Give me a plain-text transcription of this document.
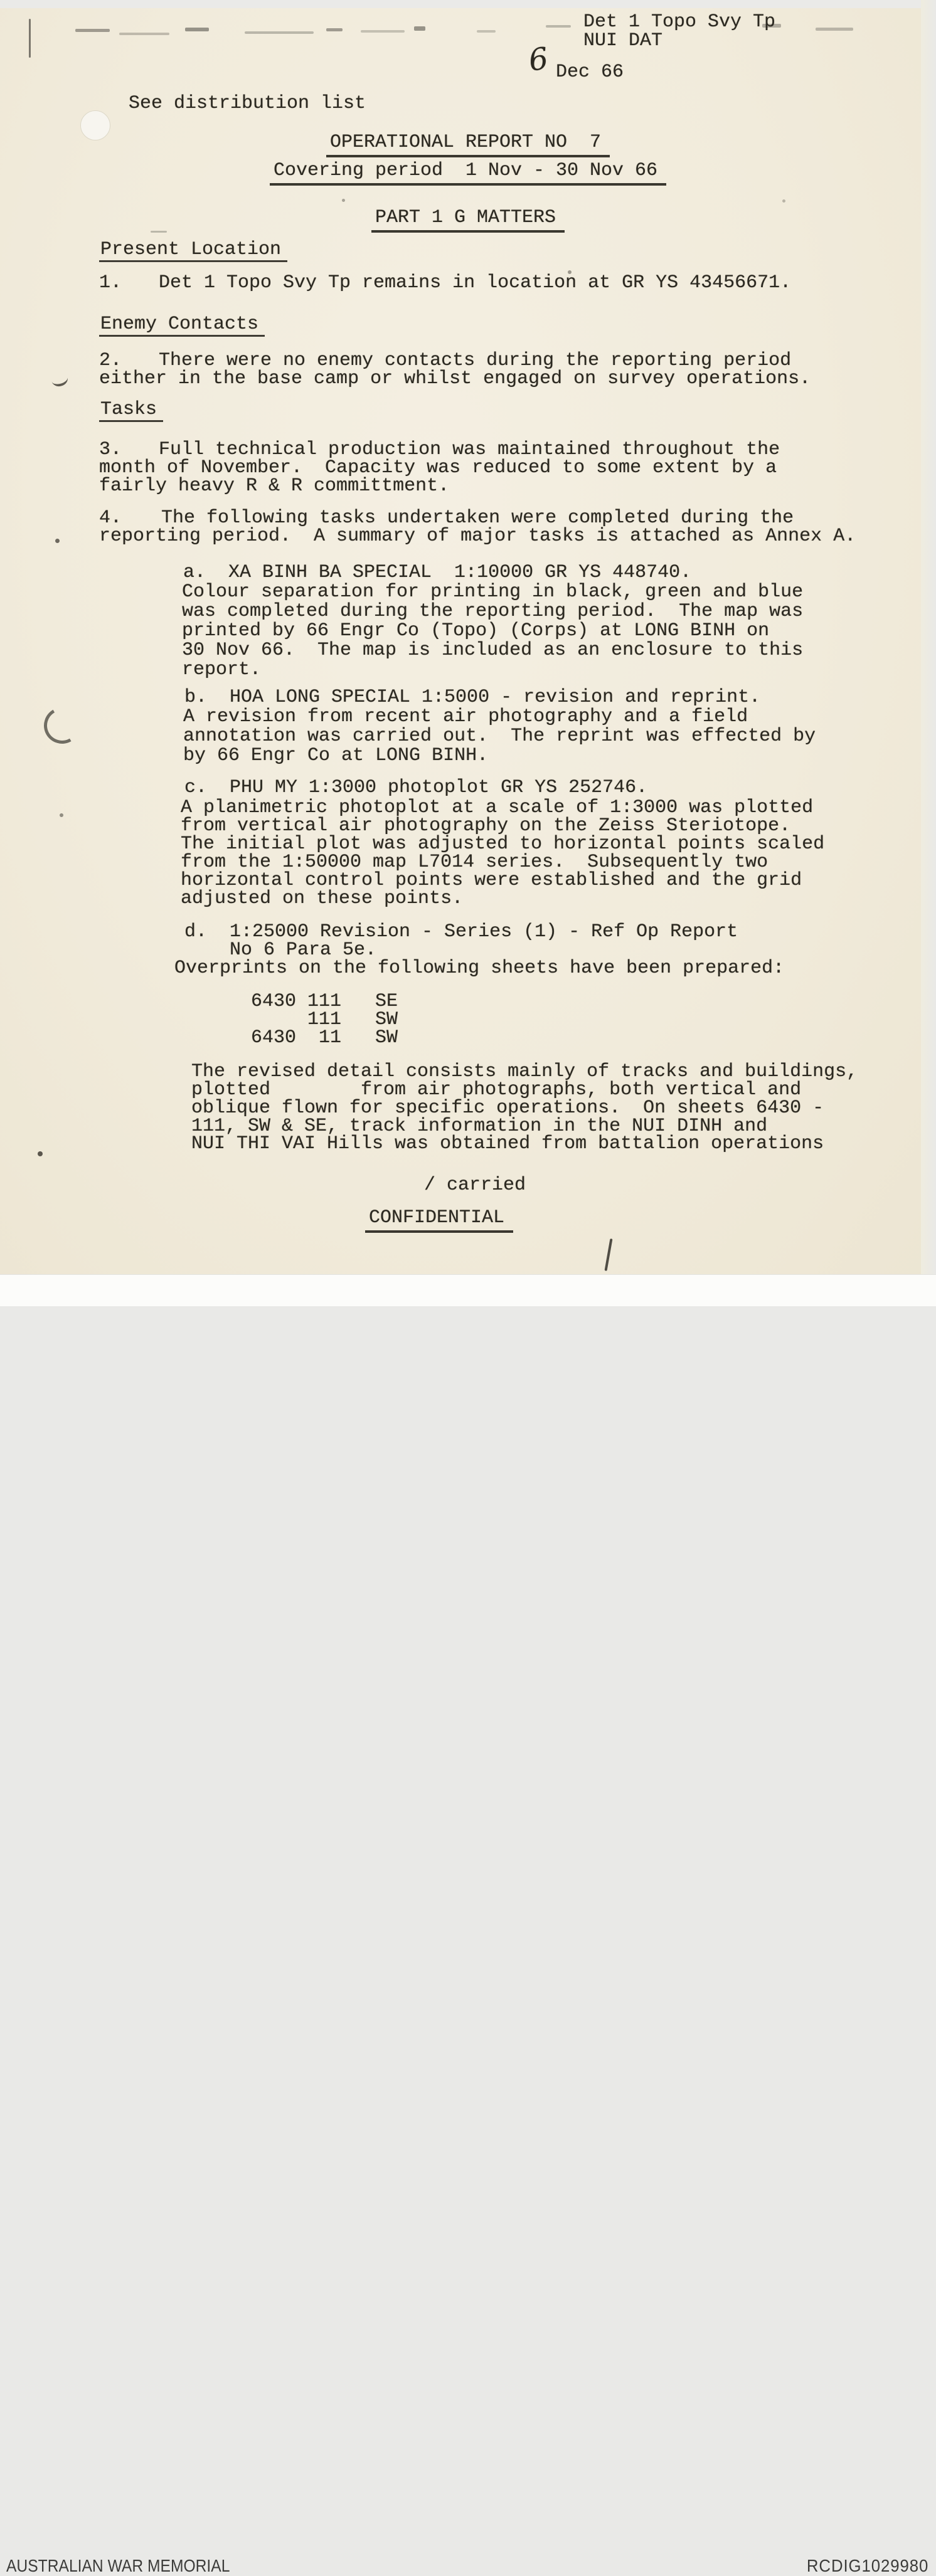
Det 1 Topo Svy Tp
NUI DAT
6 Dec 66
See distribution list
OPERATIONAL REPORT NO  7
Covering period  1 Nov - 30 Nov 66
PART 1 G MATTERS
Present Location
1. Det 1 Topo Svy Tp remains in location at GR YS 43456671.
Enemy Contacts
2. There were no enemy contacts during the reporting period
either in the base camp or whilst engaged on survey operations.
Tasks
3. Full technical production was maintained throughout the
month of November.  Capacity was reduced to some extent by a
fairly heavy R & R committment.
4. The following tasks undertaken were completed during the
reporting period.  A summary of major tasks is attached as Annex A.
a. XA BINH BA SPECIAL  1:10000 GR YS 448740.
Colour separation for printing in black, green and blue
was completed during the reporting period.  The map was
printed by 66 Engr Co (Topo) (Corps) at LONG BINH on
30 Nov 66.  The map is included as an enclosure to this
report.
b. HOA LONG SPECIAL 1:5000 - revision and reprint.
A revision from recent air photography and a field
annotation was carried out.  The reprint was effected by
by 66 Engr Co at LONG BINH.
c. PHU MY 1:3000 photoplot GR YS 252746.
A planimetric photoplot at a scale of 1:3000 was plotted
from vertical air photography on the Zeiss Steriotope.
The initial plot was adjusted to horizontal points scaled
from the 1:50000 map L7014 series.  Subsequently two
horizontal control points were established and the grid
adjusted on these points.
d. 1:25000 Revision - Series (1) - Ref Op Report
No 6 Para 5e.
Overprints on the following sheets have been prepared:
6430 111   SE
111   SW
6430  11   SW
The revised detail consists mainly of tracks and buildings,
plotted        from air photographs, both vertical and
oblique flown for specific operations.  On sheets 6430 -
111, SW & SE, track information in the NUI DINH and
NUI THI VAI Hills was obtained from battalion operations
/ carried
CONFIDENTIAL
AUSTRALIAN WAR MEMORIAL	RCDIG1029980
